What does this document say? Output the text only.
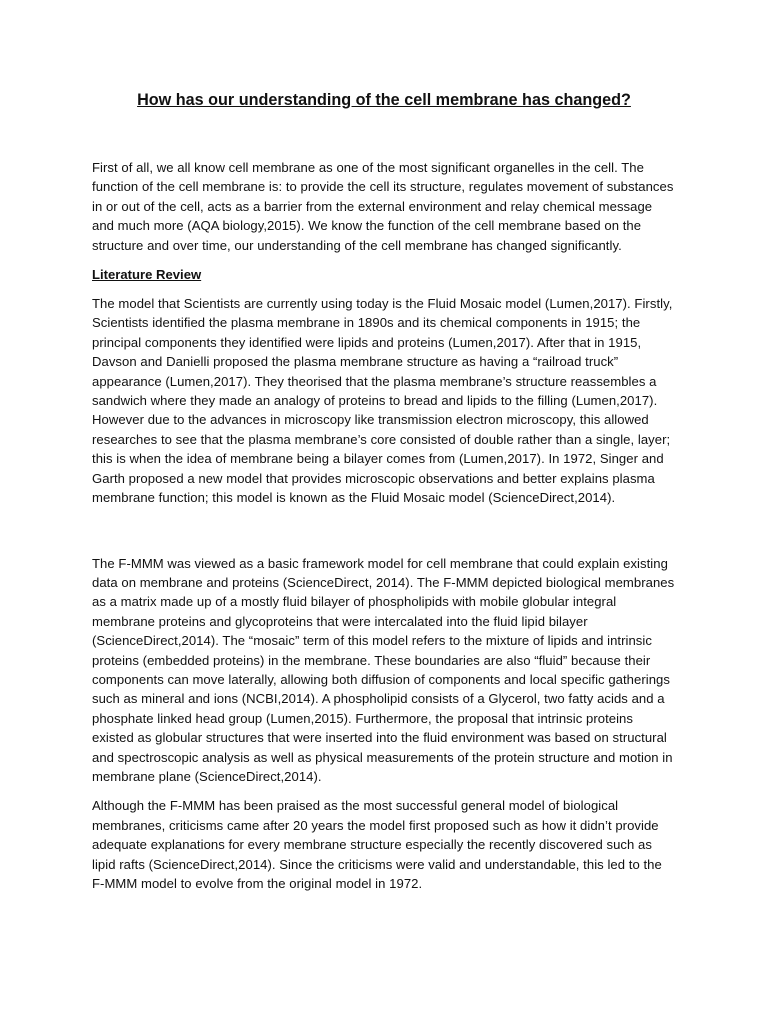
How has our understanding of the cell membrane has changed?

First of all, we all know cell membrane as one of the most significant organelles in the cell. The function of the cell membrane is: to provide the cell its structure, regulates movement of substances in or out of the cell, acts as a barrier from the external environment and relay chemical message and much more (AQA biology,2015). We know the function of the cell membrane based on the structure and over time, our understanding of the cell membrane has changed significantly.

Literature Review

The model that Scientists are currently using today is the Fluid Mosaic model (Lumen,2017). Firstly, Scientists identified the plasma membrane in 1890s and its chemical components in 1915; the principal components they identified were lipids and proteins (Lumen,2017). After that in 1915, Davson and Danielli proposed the plasma membrane structure as having a “railroad truck” appearance (Lumen,2017). They theorised that the plasma membrane’s structure reassembles a sandwich where they made an analogy of proteins to bread and lipids to the filling (Lumen,2017). However due to the advances in microscopy like transmission electron microscopy, this allowed researches to see that the plasma membrane’s core consisted of double rather than a single, layer; this is when the idea of membrane being a bilayer comes from (Lumen,2017). In 1972, Singer and Garth proposed a new model that provides microscopic observations and better explains plasma membrane function; this model is known as the Fluid Mosaic model (ScienceDirect,2014).

The F-MMM was viewed as a basic framework model for cell membrane that could explain existing data on membrane and proteins (ScienceDirect, 2014). The F-MMM depicted biological membranes as a matrix made up of a mostly fluid bilayer of phospholipids with mobile globular integral membrane proteins and glycoproteins that were intercalated into the fluid lipid bilayer (ScienceDirect,2014). The “mosaic” term of this model refers to the mixture of lipids and intrinsic proteins (embedded proteins) in the membrane. These boundaries are also “fluid” because their components can move laterally, allowing both diffusion of components and local specific gatherings such as mineral and ions (NCBI,2014). A phospholipid consists of a Glycerol, two fatty acids and a phosphate linked head group (Lumen,2015). Furthermore, the proposal that intrinsic proteins existed as globular structures that were inserted into the fluid environment was based on structural and spectroscopic analysis as well as physical measurements of the protein structure and motion in membrane plane (ScienceDirect,2014).

Although the F-MMM has been praised as the most successful general model of biological membranes, criticisms came after 20 years the model first proposed such as how it didn’t provide adequate explanations for every membrane structure especially the recently discovered such as lipid rafts (ScienceDirect,2014). Since the criticisms were valid and understandable, this led to the F-MMM model to evolve from the original model in 1972.
